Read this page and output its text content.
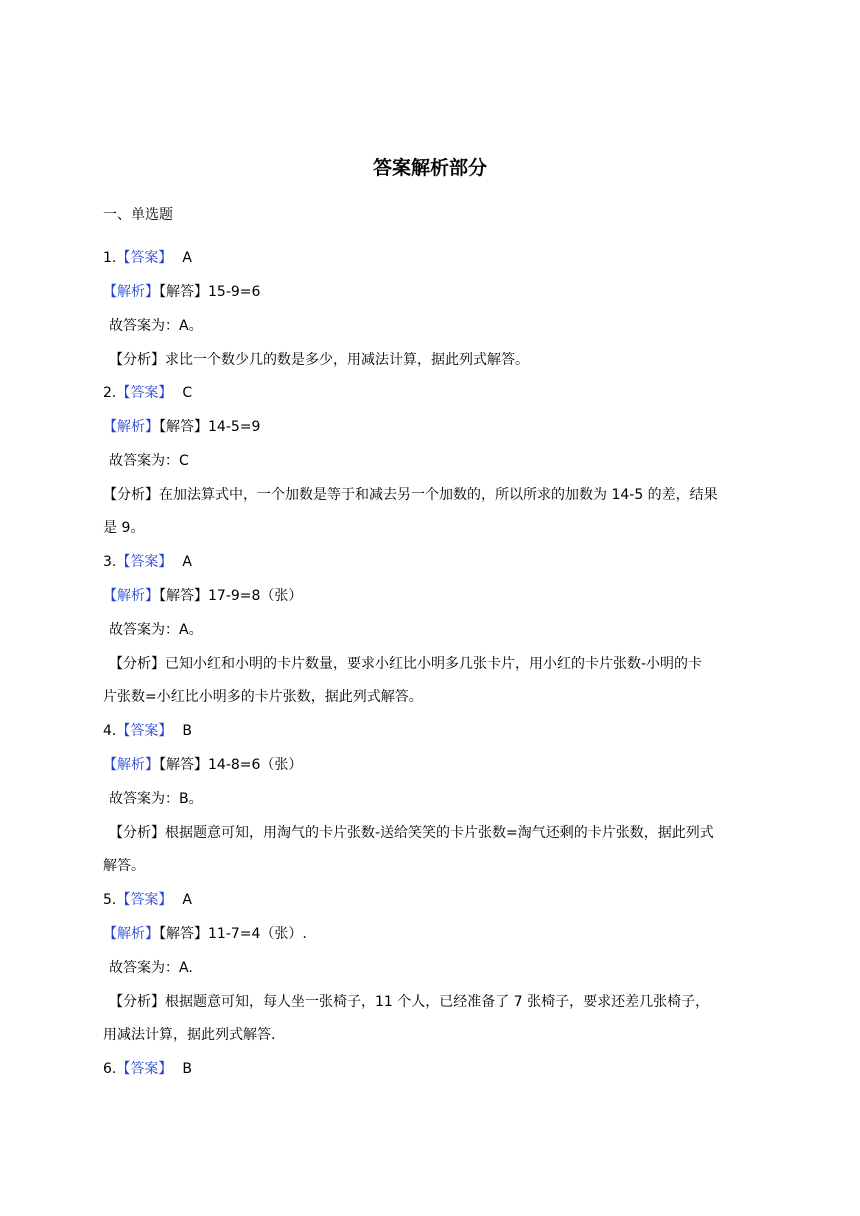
答案解析部分
一、单选题
1.【答案】 A
【解析】【解答】15-9=6
故答案为：A。
【分析】求比一个数少几的数是多少，用减法计算，据此列式解答。
2.【答案】 C
【解析】【解答】14-5=9
故答案为：C
【分析】在加法算式中，一个加数是等于和减去另一个加数的，所以所求的加数为 14-5 的差，结果
是 9。
3.【答案】 A
【解析】【解答】17-9=8（张）
故答案为：A。
【分析】已知小红和小明的卡片数量，要求小红比小明多几张卡片，用小红的卡片张数-小明的卡
片张数=小红比小明多的卡片张数，据此列式解答。
4.【答案】 B
【解析】【解答】14-8=6（张）
故答案为：B。
【分析】根据题意可知，用淘气的卡片张数-送给笑笑的卡片张数=淘气还剩的卡片张数，据此列式
解答。
5.【答案】 A
【解析】【解答】11-7=4（张）.
故答案为：A.
【分析】根据题意可知，每人坐一张椅子，11 个人，已经准备了 7 张椅子，要求还差几张椅子，
用减法计算，据此列式解答.
6.【答案】 B
